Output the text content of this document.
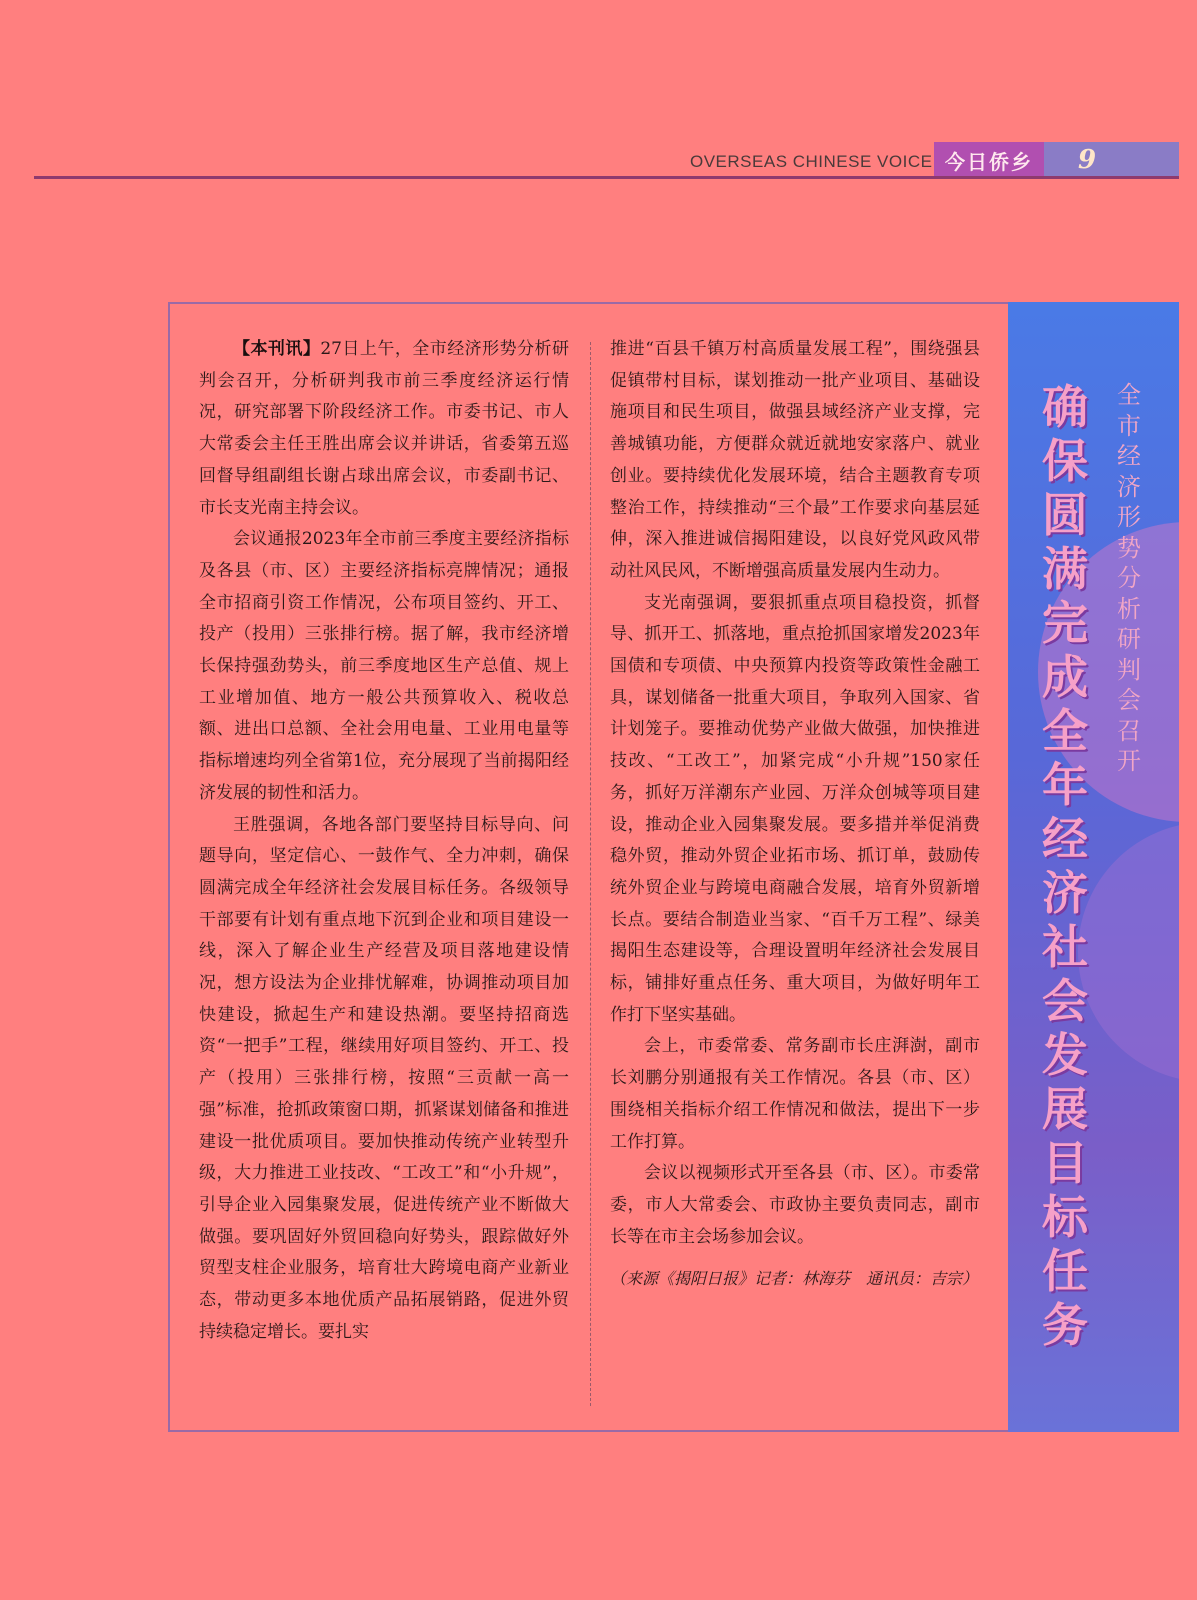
OVERSEAS CHINESE VOICE 今日侨乡	9

【本刊讯】27日上午，全市经济形势分析研判会召开，分析研判我市前三季度经济运行情况，研究部署下阶段经济工作。市委书记、市人大常委会主任王胜出席会议并讲话，省委第五巡回督导组副组长谢占球出席会议，市委副书记、市长支光南主持会议。

会议通报2023年全市前三季度主要经济指标及各县（市、区）主要经济指标亮牌情况；通报全市招商引资工作情况，公布项目签约、开工、投产（投用）三张排行榜。据了解，我市经济增长保持强劲势头，前三季度地区生产总值、规上工业增加值、地方一般公共预算收入、税收总额、进出口总额、全社会用电量、工业用电量等指标增速均列全省第1位，充分展现了当前揭阳经济发展的韧性和活力。

王胜强调，各地各部门要坚持目标导向、问题导向，坚定信心、一鼓作气、全力冲刺，确保圆满完成全年经济社会发展目标任务。各级领导干部要有计划有重点地下沉到企业和项目建设一线，深入了解企业生产经营及项目落地建设情况，想方设法为企业排忧解难，协调推动项目加快建设，掀起生产和建设热潮。要坚持招商选资“一把手”工程，继续用好项目签约、开工、投产（投用）三张排行榜，按照“三贡献一高一强”标准，抢抓政策窗口期，抓紧谋划储备和推进建设一批优质项目。要加快推动传统产业转型升级，大力推进工业技改、“工改工”和“小升规”，引导企业入园集聚发展，促进传统产业不断做大做强。要巩固好外贸回稳向好势头，跟踪做好外贸型支柱企业服务，培育壮大跨境电商产业新业态，带动更多本地优质产品拓展销路，促进外贸持续稳定增长。要扎实

推进“百县千镇万村高质量发展工程”，围绕强县促镇带村目标，谋划推动一批产业项目、基础设施项目和民生项目，做强县域经济产业支撑，完善城镇功能，方便群众就近就地安家落户、就业创业。要持续优化发展环境，结合主题教育专项整治工作，持续推动“三个最”工作要求向基层延伸，深入推进诚信揭阳建设，以良好党风政风带动社风民风，不断增强高质量发展内生动力。

支光南强调，要狠抓重点项目稳投资，抓督导、抓开工、抓落地，重点抢抓国家增发2023年国债和专项债、中央预算内投资等政策性金融工具，谋划储备一批重大项目，争取列入国家、省计划笼子。要推动优势产业做大做强，加快推进技改、“工改工”，加紧完成“小升规”150家任务，抓好万洋潮东产业园、万洋众创城等项目建设，推动企业入园集聚发展。要多措并举促消费稳外贸，推动外贸企业拓市场、抓订单，鼓励传统外贸企业与跨境电商融合发展，培育外贸新增长点。要结合制造业当家、“百千万工程”、绿美揭阳生态建设等，合理设置明年经济社会发展目标，铺排好重点任务、重大项目，为做好明年工作打下坚实基础。

会上，市委常委、常务副市长庄湃澍，副市长刘鹏分别通报有关工作情况。各县（市、区）围绕相关指标介绍工作情况和做法，提出下一步工作打算。

会议以视频形式开至各县（市、区）。市委常委，市人大常委会、市政协主要负责同志，副市长等在市主会场参加会议。

（来源《揭阳日报》记者：林海芬　通讯员：吉宗）

确保圆满完成全年经济社会发展目标任务
全市经济形势分析研判会召开
